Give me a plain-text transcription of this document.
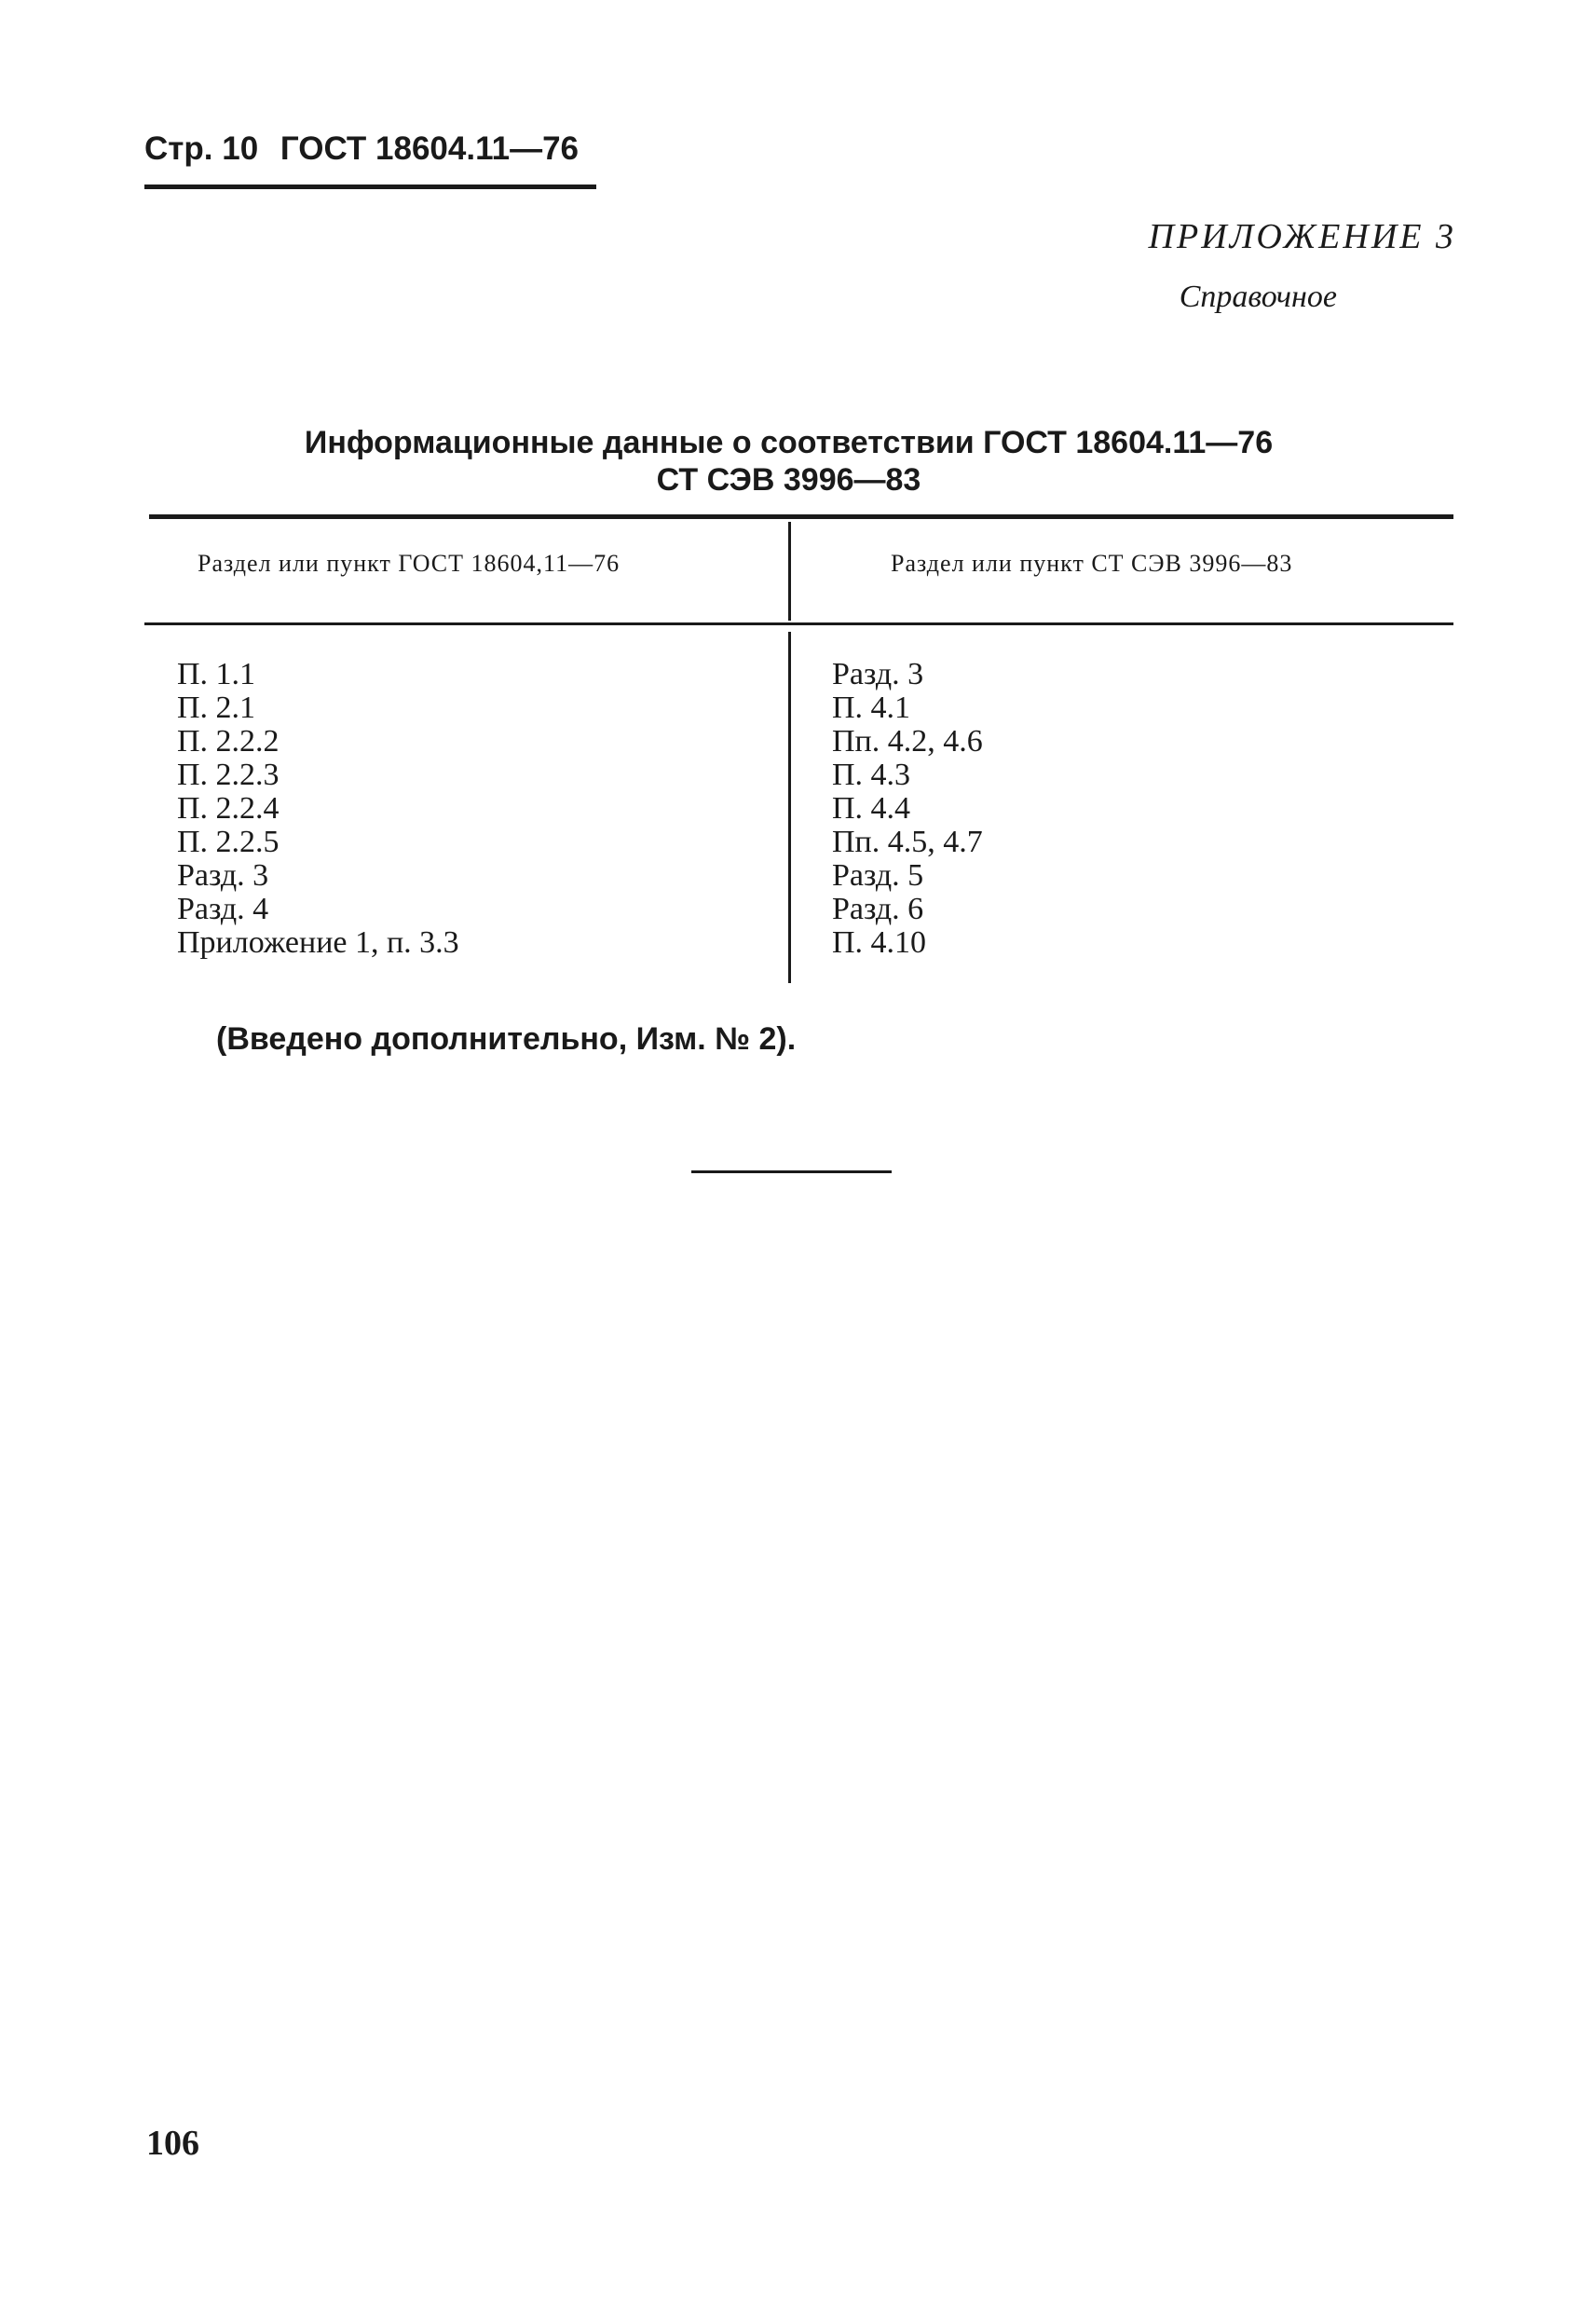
Стр. 10 ГОСТ 18604.11—76
ПРИЛОЖЕНИЕ 3
Справочное
Информационные данные о соответствии ГОСТ 18604.11—76
СТ СЭВ 3996—83
Раздел или пункт ГОСТ 18604,11—76	Раздел или пункт СТ СЭВ 3996—83
П. 1.1
П. 2.1
П. 2.2.2
П. 2.2.3
П. 2.2.4
П. 2.2.5
Разд. 3
Разд. 4
Приложение 1, п. 3.3
Разд. 3
П. 4.1
Пп. 4.2, 4.6
П. 4.3
П. 4.4
Пп. 4.5, 4.7
Разд. 5
Разд. 6
П. 4.10
(Введено дополнительно, Изм. № 2).
106
